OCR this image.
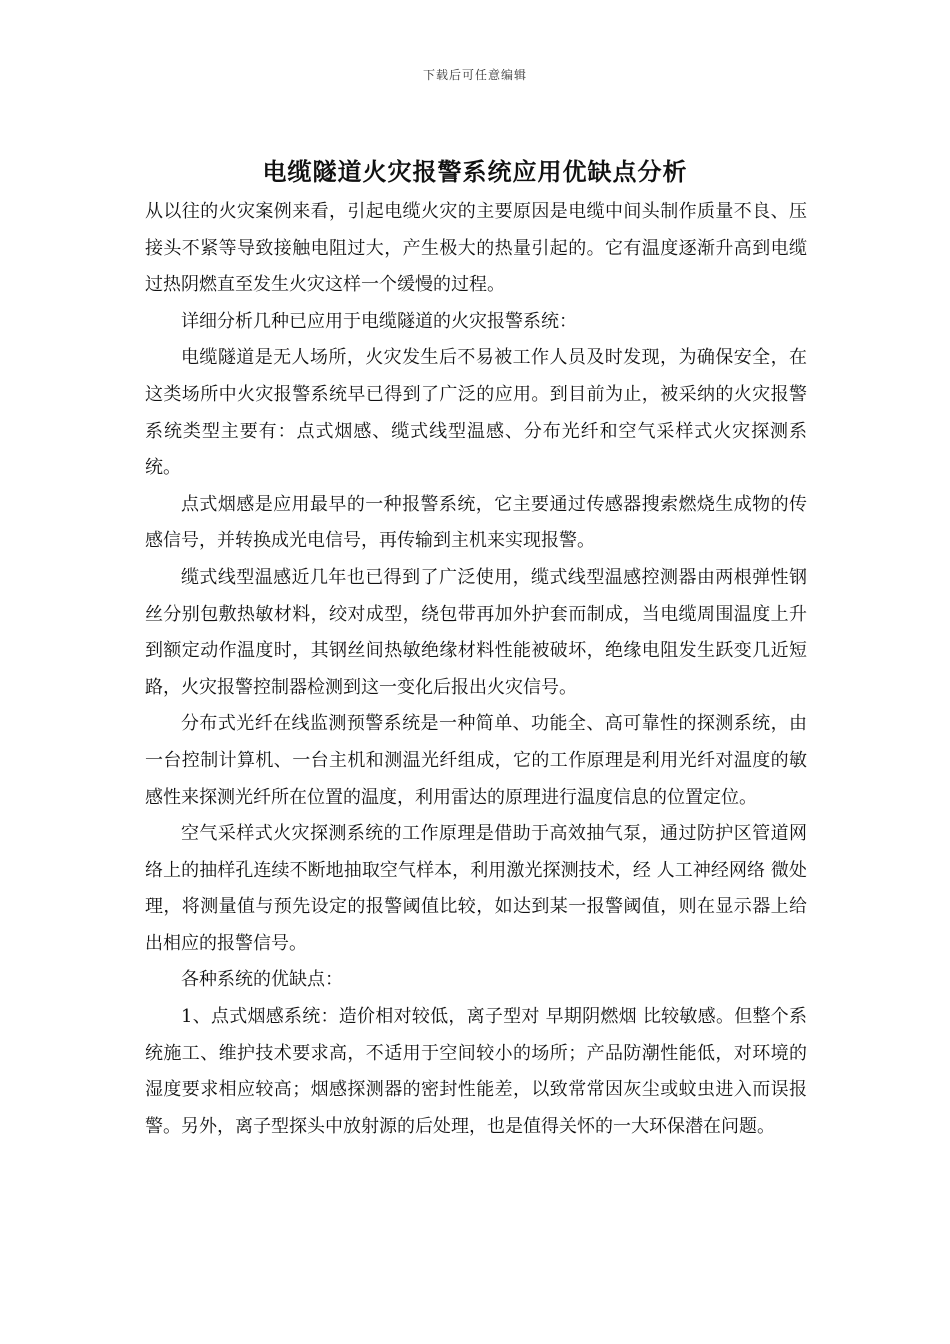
下载后可任意编辑
电缆隧道火灾报警系统应用优缺点分析

从以往的火灾案例来看，引起电缆火灾的主要原因是电缆中间头制作质量不良、压接头不紧等导致接触电阻过大，产生极大的热量引起的。它有温度逐渐升高到电缆过热阴燃直至发生火灾这样一个缓慢的过程。

详细分析几种已应用于电缆隧道的火灾报警系统：

电缆隧道是无人场所，火灾发生后不易被工作人员及时发现，为确保安全，在这类场所中火灾报警系统早已得到了广泛的应用。到目前为止，被采纳的火灾报警系统类型主要有：点式烟感、缆式线型温感、分布光纤和空气采样式火灾探测系统。

点式烟感是应用最早的一种报警系统，它主要通过传感器搜索燃烧生成物的传感信号，并转换成光电信号，再传输到主机来实现报警。

缆式线型温感近几年也已得到了广泛使用，缆式线型温感控测器由两根弹性钢丝分别包敷热敏材料，绞对成型，绕包带再加外护套而制成，当电缆周围温度上升到额定动作温度时，其钢丝间热敏绝缘材料性能被破坏，绝缘电阻发生跃变几近短路，火灾报警控制器检测到这一变化后报出火灾信号。

分布式光纤在线监测预警系统是一种简单、功能全、高可靠性的探测系统，由一台控制计算机、一台主机和测温光纤组成，它的工作原理是利用光纤对温度的敏感性来探测光纤所在位置的温度，利用雷达的原理进行温度信息的位置定位。

空气采样式火灾探测系统的工作原理是借助于高效抽气泵，通过防护区管道网络上的抽样孔连续不断地抽取空气样本，利用激光探测技术，经 人工神经网络 微处理，将测量值与预先设定的报警阈值比较，如达到某一报警阈值，则在显示器上给出相应的报警信号。

各种系统的优缺点：

1、点式烟感系统：造价相对较低，离子型对 早期阴燃烟 比较敏感。但整个系统施工、维护技术要求高，不适用于空间较小的场所；产品防潮性能低，对环境的湿度要求相应较高；烟感探测器的密封性能差，以致常常因灰尘或蚊虫进入而误报警。另外，离子型探头中放射源的后处理，也是值得关怀的一大环保潜在问题。
